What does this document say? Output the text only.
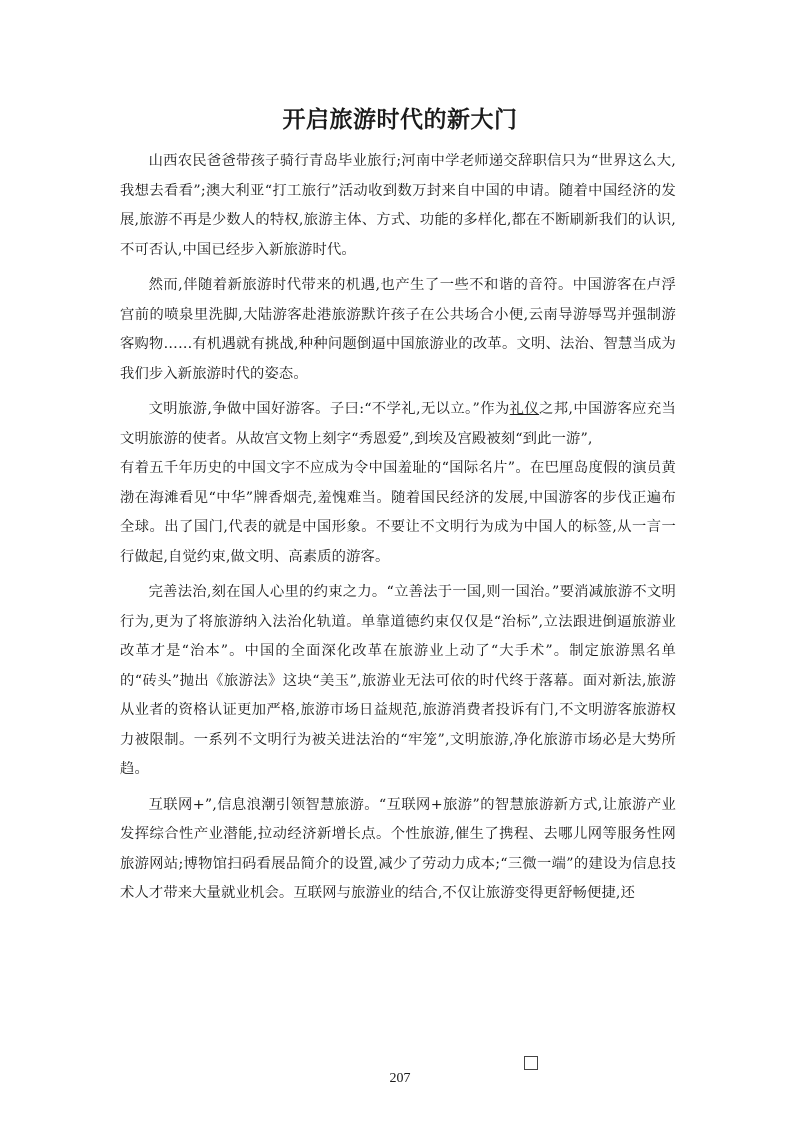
开启旅游时代的新大门

山西农民爸爸带孩子骑行青岛毕业旅行;河南中学老师递交辞职信只为“世界这么大,我想去看看”;澳大利亚“打工旅行”活动收到数万封来自中国的申请。随着中国经济的发展,旅游不再是少数人的特权,旅游主体、方式、功能的多样化,都在不断刷新我们的认识,不可否认,中国已经步入新旅游时代。

然而,伴随着新旅游时代带来的机遇,也产生了一些不和谐的音符。中国游客在卢浮宫前的喷泉里洗脚,大陆游客赴港旅游默许孩子在公共场合小便,云南导游辱骂并强制游客购物……有机遇就有挑战,种种问题倒逼中国旅游业的改革。文明、法治、智慧当成为我们步入新旅游时代的姿态。

文明旅游,争做中国好游客。子曰:“不学礼,无以立。”作为礼仪之邦,中国游客应充当文明旅游的使者。从故宫文物上刻字“秀恩爱”,到埃及宫殿被刻“到此一游”,

有着五千年历史的中国文字不应成为令中国羞耻的“国际名片”。在巴厘岛度假的演员黄渤在海滩看见“中华”牌香烟壳,羞愧难当。随着国民经济的发展,中国游客的步伐正遍布全球。出了国门,代表的就是中国形象。不要让不文明行为成为中国人的标签,从一言一行做起,自觉约束,做文明、高素质的游客。

完善法治,刻在国人心里的约束之力。“立善法于一国,则一国治。”要消减旅游不文明行为,更为了将旅游纳入法治化轨道。单靠道德约束仅仅是“治标”,立法跟进倒逼旅游业改革才是“治本”。中国的全面深化改革在旅游业上动了“大手术”。制定旅游黑名单的“砖头”抛出《旅游法》这块“美玉”,旅游业无法可依的时代终于落幕。面对新法,旅游从业者的资格认证更加严格,旅游市场日益规范,旅游消费者投诉有门,不文明游客旅游权力被限制。一系列不文明行为被关进法治的“牢笼”,文明旅游,净化旅游市场必是大势所趋。

互联网+”,信息浪潮引领智慧旅游。“互联网+旅游”的智慧旅游新方式,让旅游产业发挥综合性产业潜能,拉动经济新增长点。个性旅游,催生了携程、去哪儿网等服务性网旅游网站;博物馆扫码看展品简介的设置,减少了劳动力成本;“三微一端”的建设为信息技术人才带来大量就业机会。互联网与旅游业的结合,不仅让旅游变得更舒畅便捷,还

207
